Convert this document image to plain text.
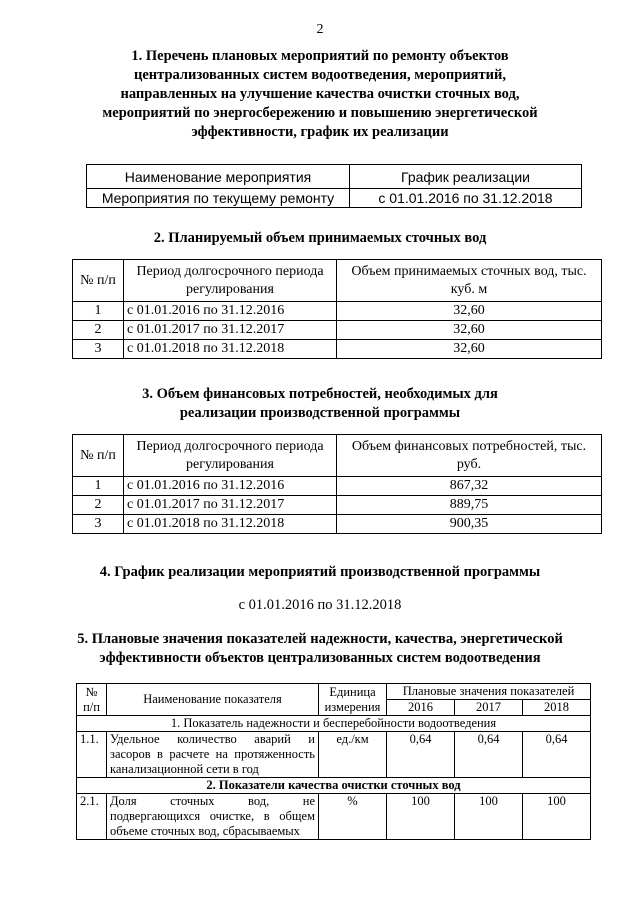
2
1. Перечень плановых мероприятий по ремонту объектов
централизованных систем водоотведения, мероприятий,
направленных на улучшение качества очистки сточных вод,
мероприятий по энергосбережению и повышению энергетической
эффективности, график их реализации
Наименование мероприятия	График реализации
Мероприятия по текущему ремонту	с 01.01.2016 по 31.12.2018
2. Планируемый объем принимаемых сточных вод
№ п/п	Период долгосрочного периода регулирования	Объем принимаемых сточных вод, тыс. куб. м
1	с 01.01.2016 по 31.12.2016	32,60
2	с 01.01.2017 по 31.12.2017	32,60
3	с 01.01.2018 по 31.12.2018	32,60
3. Объем финансовых потребностей, необходимых для
реализации производственной программы
№ п/п	Период долгосрочного периода регулирования	Объем финансовых потребностей, тыс. руб.
1	с 01.01.2016 по 31.12.2016	867,32
2	с 01.01.2017 по 31.12.2017	889,75
3	с 01.01.2018 по 31.12.2018	900,35
4. График реализации мероприятий производственной программы
с 01.01.2016 по 31.12.2018
5. Плановые значения показателей надежности, качества, энергетической
эффективности объектов централизованных систем водоотведения
№ п/п	Наименование показателя	Единица измерения	Плановые значения показателей		
			2016	2017	2018
1. Показатель надежности и бесперебойности водоотведения					
1.1.	Удельное количество аварий и засоров в расчете на протяженность канализационной сети в год	ед./км	0,64	0,64	0,64
2. Показатели качества очистки сточных вод					
2.1.	Доля сточных вод, не подвергающихся очистке, в общем объеме сточных вод, сбрасываемых	%	100	100	100
